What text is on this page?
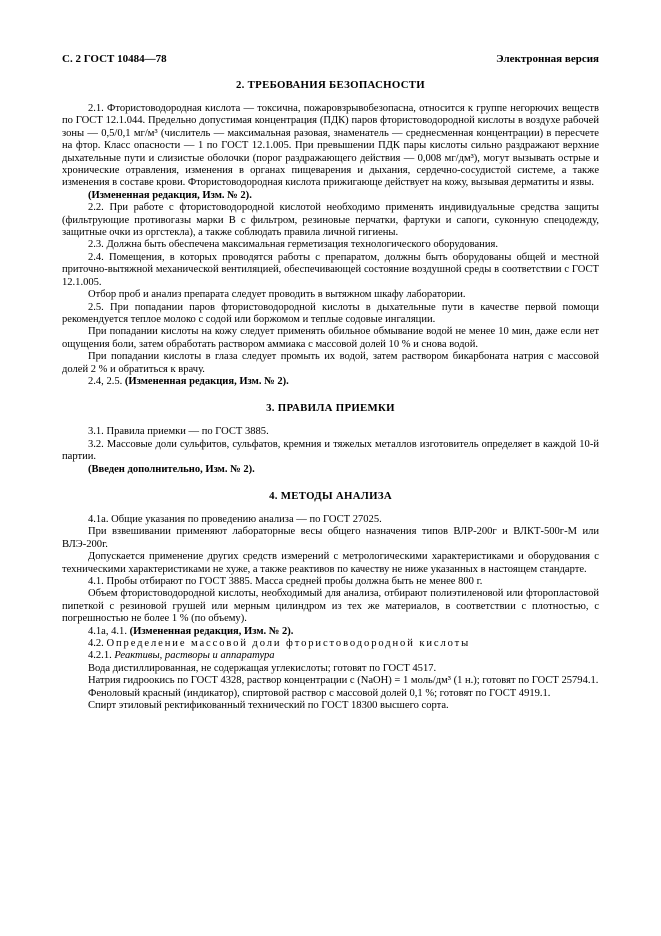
С. 2 ГОСТ 10484—78	Электронная версия
2. ТРЕБОВАНИЯ БЕЗОПАСНОСТИ

2.1. Фтористоводородная кислота — токсична, пожаровзрывобезопасна, относится к группе негорючих веществ по ГОСТ 12.1.044. Предельно допустимая концентрация (ПДК) паров фтористоводородной кислоты в воздухе рабочей зоны — 0,5/0,1 мг/м³ (числитель — максимальная разовая, знаменатель — среднесменная концентрации) в пересчете на фтор. Класс опасности — 1 по ГОСТ 12.1.005. При превышении ПДК пары кислоты сильно раздражают верхние дыхательные пути и слизистые оболочки (порог раздражающего действия — 0,008 мг/дм³), могут вызывать острые и хронические отравления, изменения в органах пищеварения и дыхания, сердечно-сосудистой системе, а также изменения в составе крови. Фтористоводородная кислота прижигающе действует на кожу, вызывая дерматиты и язвы.

(Измененная редакция, Изм. № 2).

2.2. При работе с фтористоводородной кислотой необходимо применять индивидуальные средства защиты (фильтрующие противогазы марки В с фильтром, резиновые перчатки, фартуки и сапоги, суконную спецодежду, защитные очки из оргстекла), а также соблюдать правила личной гигиены.

2.3. Должна быть обеспечена максимальная герметизация технологического оборудования.

2.4. Помещения, в которых проводятся работы с препаратом, должны быть оборудованы общей и местной приточно-вытяжной механической вентиляцией, обеспечивающей состояние воздушной среды в соответствии с ГОСТ 12.1.005.

Отбор проб и анализ препарата следует проводить в вытяжном шкафу лаборатории.

2.5. При попадании паров фтористоводородной кислоты в дыхательные пути в качестве первой помощи рекомендуется теплое молоко с содой или боржомом и теплые содовые ингаляции.

При попадании кислоты на кожу следует применять обильное обмывание водой не менее 10 мин, даже если нет ощущения боли, затем обработать раствором аммиака с массовой долей 10 % и снова водой.

При попадании кислоты в глаза следует промыть их водой, затем раствором бикарбоната натрия с массовой долей 2 % и обратиться к врачу.

2.4, 2.5. (Измененная редакция, Изм. № 2).

3. ПРАВИЛА ПРИЕМКИ

3.1. Правила приемки — по ГОСТ 3885.

3.2. Массовые доли сульфитов, сульфатов, кремния и тяжелых металлов изготовитель определяет в каждой 10-й партии.

(Введен дополнительно, Изм. № 2).

4. МЕТОДЫ АНАЛИЗА

4.1а. Общие указания по проведению анализа — по ГОСТ 27025.

При взвешивании применяют лабораторные весы общего назначения типов ВЛР-200г и ВЛКТ-500г-М или ВЛЭ-200г.

Допускается применение других средств измерений с метрологическими характеристиками и оборудования с техническими характеристиками не хуже, а также реактивов по качеству не ниже указанных в настоящем стандарте.

4.1. Пробы отбирают по ГОСТ 3885. Масса средней пробы должна быть не менее 800 г.

Объем фтористоводородной кислоты, необходимый для анализа, отбирают полиэтиленовой или фторопластовой пипеткой с резиновой грушей или мерным цилиндром из тех же материалов, в соответствии с плотностью, с погрешностью не более 1 % (по объему).

4.1а, 4.1. (Измененная редакция, Изм. № 2).

4.2. Определение массовой доли фтористоводородной кислоты

4.2.1. Реактивы, растворы и аппаратура

Вода дистиллированная, не содержащая углекислоты; готовят по ГОСТ 4517.

Натрия гидроокись по ГОСТ 4328, раствор концентрации с (NaOH) = 1 моль/дм³ (1 н.); готовят по ГОСТ 25794.1.

Феноловый красный (индикатор), спиртовой раствор с массовой долей 0,1 %; готовят по ГОСТ 4919.1.

Спирт этиловый ректификованный технический по ГОСТ 18300 высшего сорта.
